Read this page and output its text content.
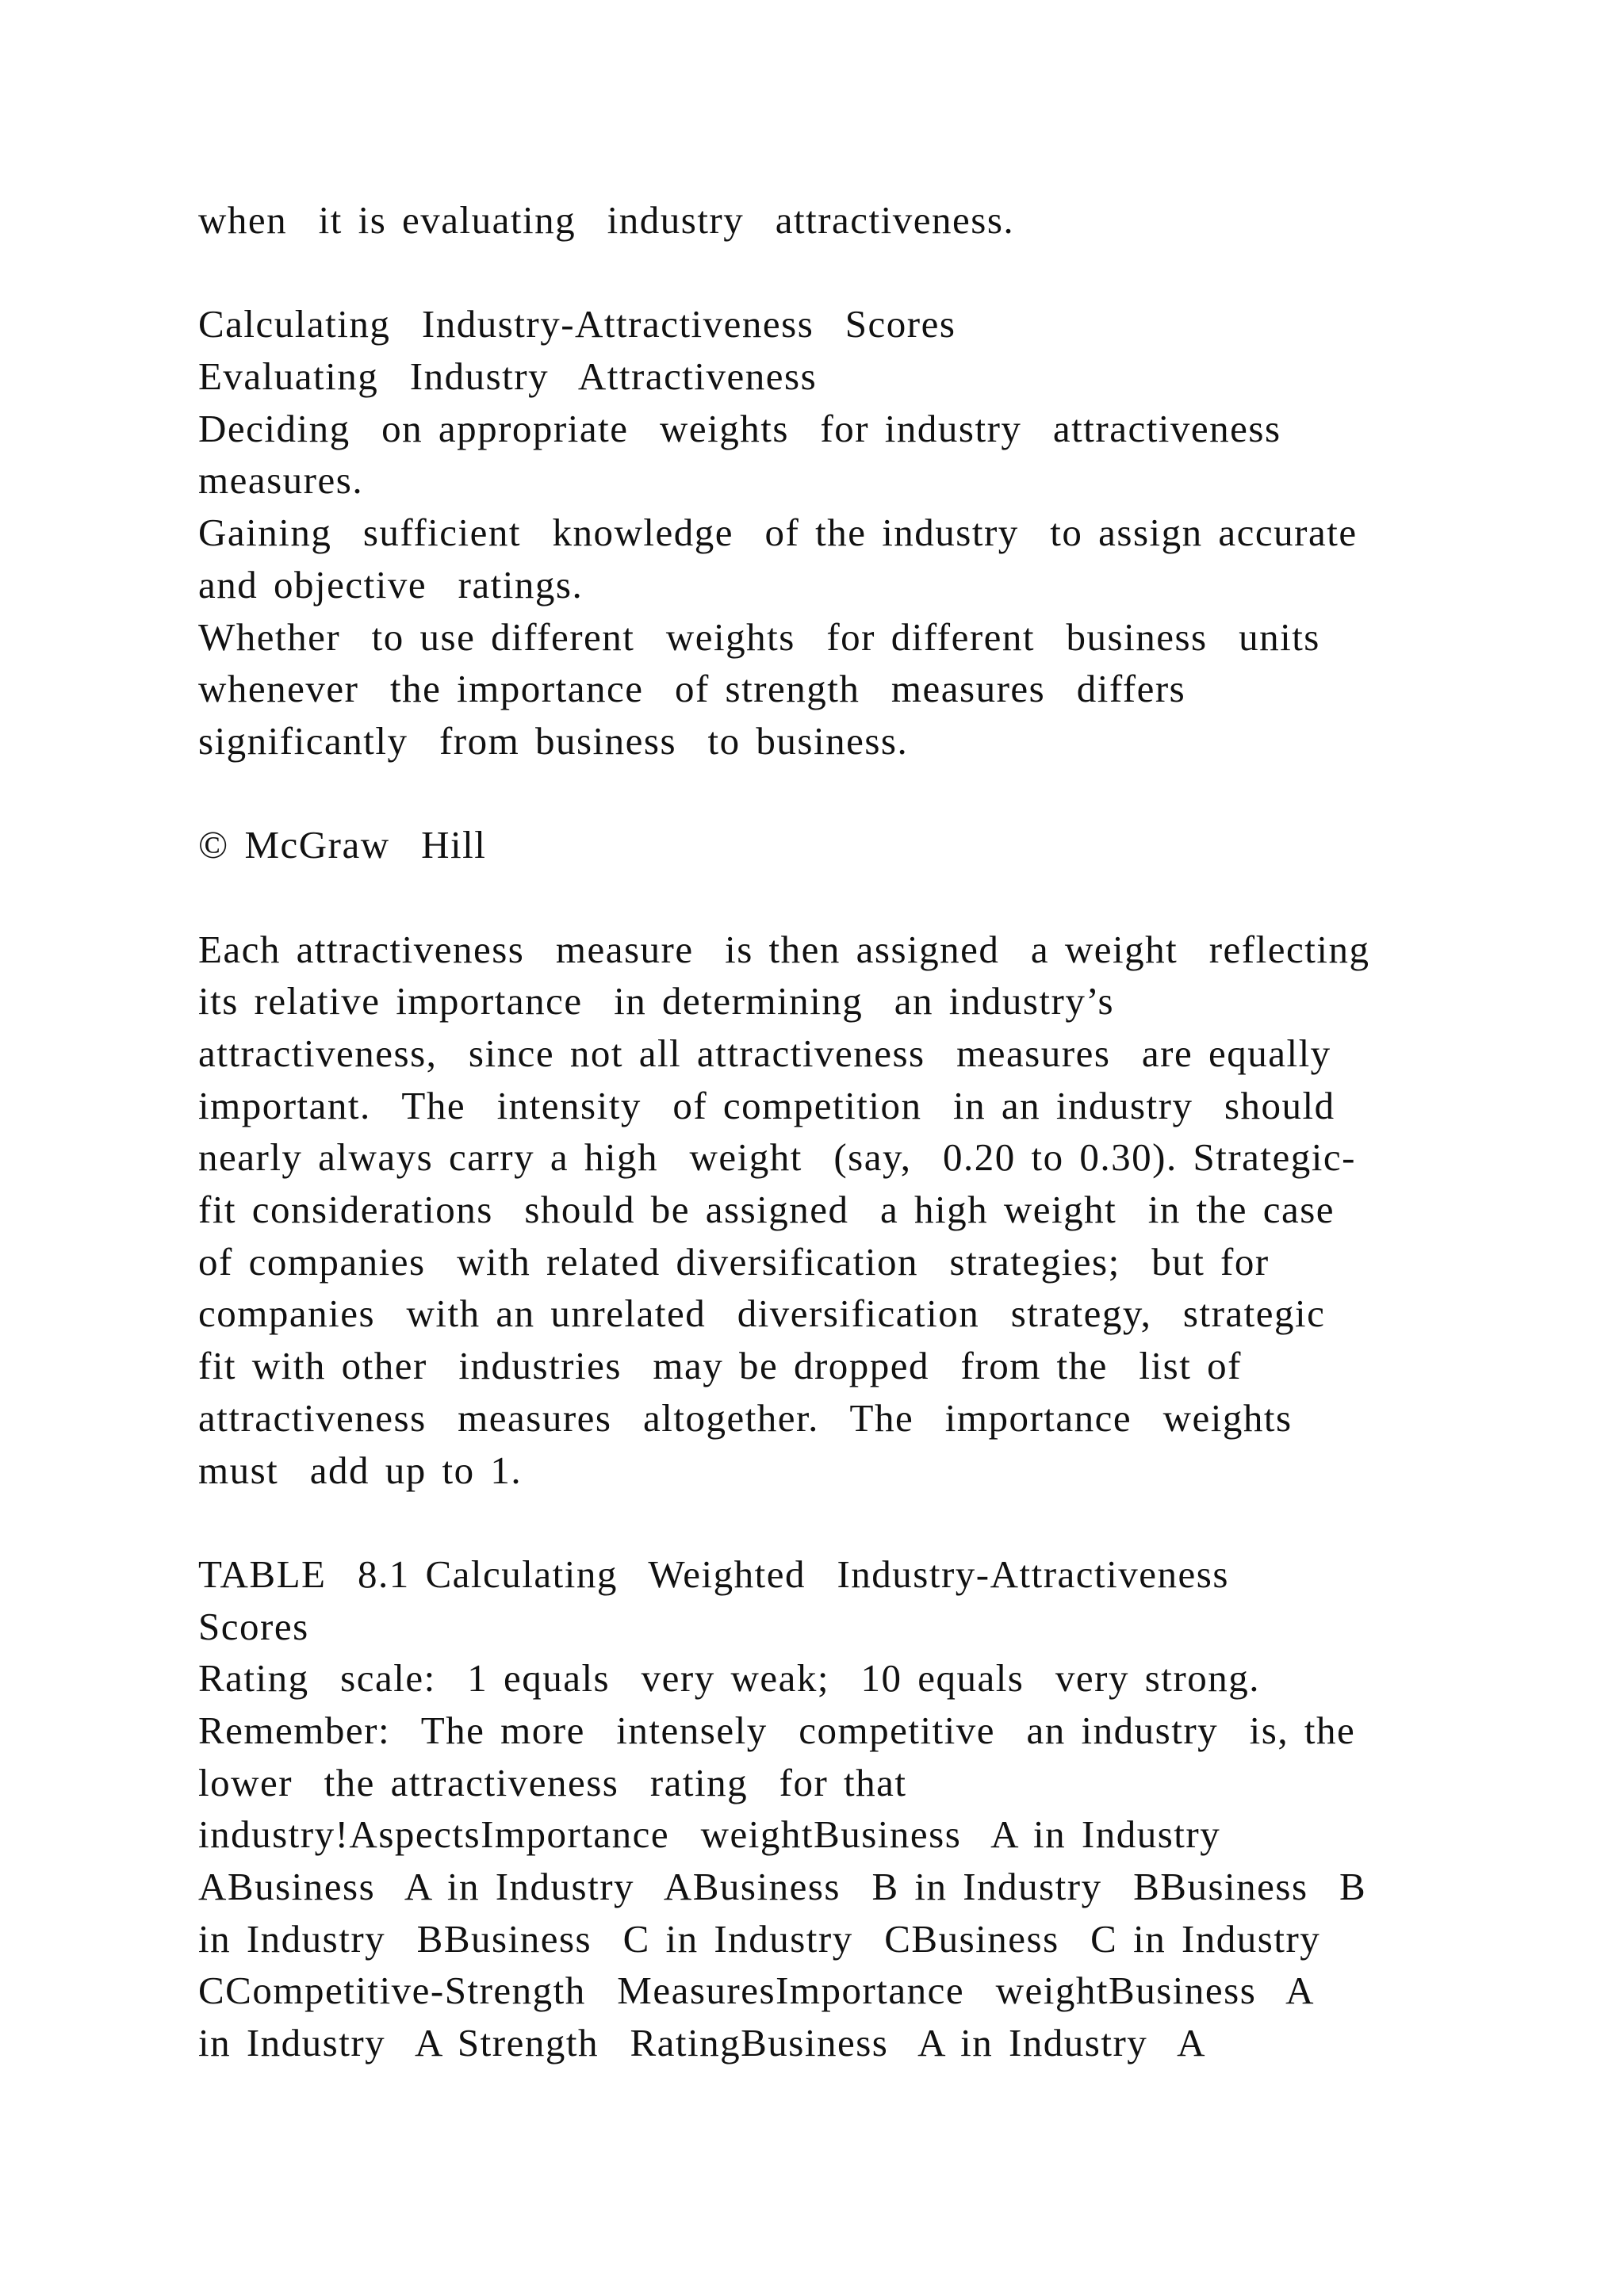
when  it is evaluating  industry  attractiveness.
Calculating  Industry-Attractiveness  Scores
Evaluating  Industry  Attractiveness
Deciding  on appropriate  weights  for industry  attractiveness
measures.
Gaining  sufficient  knowledge  of the industry  to assign accurate
and objective  ratings.
Whether  to use different  weights  for different  business  units
whenever  the importance  of strength  measures  differs
significantly  from business  to business.
© McGraw  Hill
Each attractiveness  measure  is then assigned  a weight  reflecting
its relative importance  in determining  an industry’s
attractiveness,  since not all attractiveness  measures  are equally
important.  The  intensity  of competition  in an industry  should
nearly always carry a high  weight  (say,  0.20 to 0.30). Strategic-
fit considerations  should be assigned  a high weight  in the case
of companies  with related diversification  strategies;  but for
companies  with an unrelated  diversification  strategy,  strategic
fit with other  industries  may be dropped  from the  list of
attractiveness  measures  altogether.  The  importance  weights
must  add up to 1.
TABLE  8.1 Calculating  Weighted  Industry-Attractiveness
Scores
Rating  scale:  1 equals  very weak;  10 equals  very strong.
Remember:  The more  intensely  competitive  an industry  is, the
lower  the attractiveness  rating  for that
industry!AspectsImportance  weightBusiness  A in Industry
ABusiness  A in Industry  ABusiness  B in Industry  BBusiness  B
in Industry  BBusiness  C in Industry  CBusiness  C in Industry
CCompetitive-Strength  MeasuresImportance  weightBusiness  A
in Industry  A Strength  RatingBusiness  A in Industry  A
